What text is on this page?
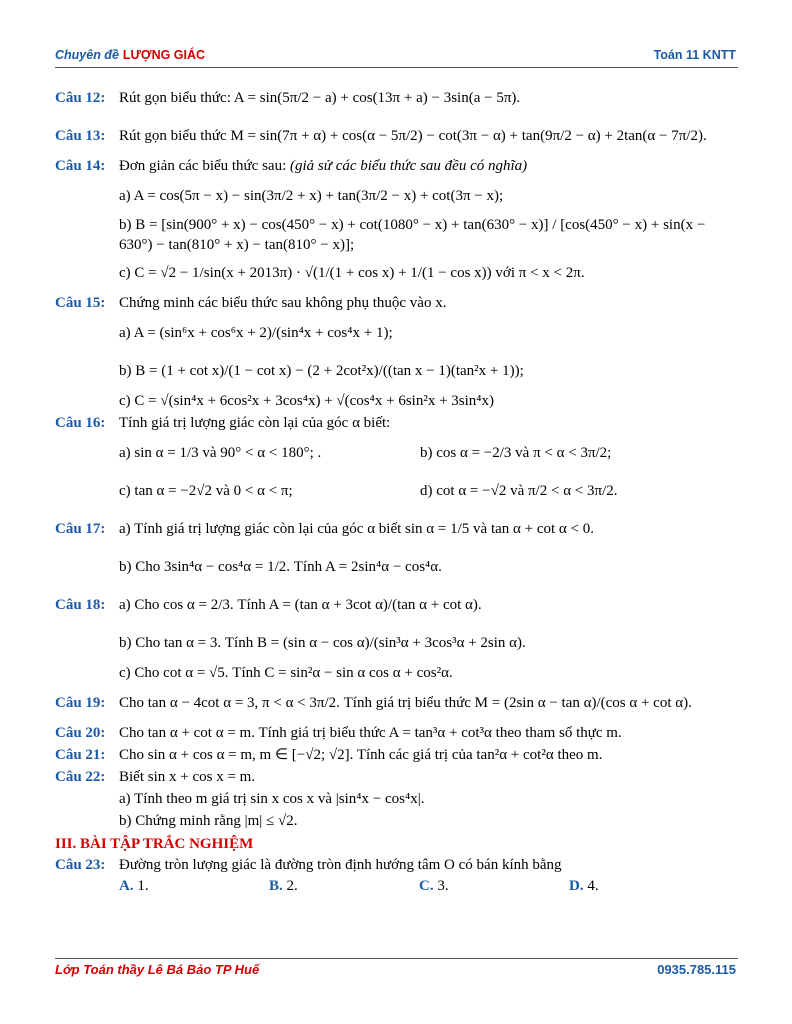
Chuyên đề LƯỢNG GIÁC	Toán 11 KNTT
Câu 12: Rút gọn biểu thức: A = sin(5π/2 − a) + cos(13π + a) − 3sin(a − 5π).
Câu 13: Rút gọn biểu thức M = sin(7π + α) + cos(α − 5π/2) − cot(3π − α) + tan(9π/2 − α) + 2tan(α − 7π/2).
Câu 14: Đơn giản các biểu thức sau:
(giả sử các biểu thức sau đều có nghĩa)
a) A = cos(5π − x) − sin(3π/2 + x) + tan(3π/2 − x) + cot(3π − x);
b) B = [sin(900° + x) − cos(450° − x) + cot(1080° − x) + tan(630° − x)] / [cos(450° − x) + sin(x − 630°) − tan(810° + x) − tan(810° − x)];
c) C = √2 − 1/sin(x + 2013π) · √(1/(1 + cos x) + 1/(1 − cos x)) với π < x < 2π.
Câu 15: Chứng minh các biểu thức sau không phụ thuộc vào x.
a) A = (sin⁶x + cos⁶x + 2)/(sin⁴x + cos⁴x + 1);
b) B = (1 + cot x)/(1 − cot x) − (2 + 2cot²x)/((tan x − 1)(tan²x + 1));
c) C = √(sin⁴x + 6cos²x + 3cos⁴x) + √(cos⁴x + 6sin²x + 3sin⁴x)
Câu 16: Tính giá trị lượng giác còn lại của góc α biết:
a) sin α = 1/3 và 90° < α < 180°; .	b) cos α = −2/3 và π < α < 3π/2;
c) tan α = −2√2 và 0 < α < π;	d) cot α = −√2 và π/2 < α < 3π/2.
Câu 17: a) Tính giá trị lượng giác còn lại của góc α biết sin α = 1/5 và tan α + cot α < 0.
b) Cho 3sin⁴α − cos⁴α = 1/2. Tính A = 2sin⁴α − cos⁴α.
Câu 18: a) Cho cos α = 2/3. Tính A = (tan α + 3cot α)/(tan α + cot α).
b) Cho tan α = 3. Tính B = (sin α − cos α)/(sin³α + 3cos³α + 2sin α).
c) Cho cot α = √5. Tính C = sin²α − sin α cos α + cos²α.
Câu 19: Cho tan α − 4cot α = 3, π < α < 3π/2. Tính giá trị biểu thức M = (2sin α − tan α)/(cos α + cot α).
Câu 20: Cho tan α + cot α = m. Tính giá trị biểu thức A = tan³α + cot³α theo tham số thực m.
Câu 21: Cho sin α + cos α = m, m ∈ [−√2; √2]. Tính các giá trị của tan²α + cot²α theo m.
Câu 22: Biết sin x + cos x = m.
a) Tính theo m giá trị sin x cos x và |sin⁴x − cos⁴x|.
b) Chứng minh rằng |m| ≤ √2.
III. BÀI TẬP TRẮC NGHIỆM
Câu 23: Đường tròn lượng giác là đường tròn định hướng tâm O có bán kính bằng
A. 1.	B. 2.	C. 3.	D. 4.
Lớp Toán thầy Lê Bá Bảo TP Huế	0935.785.115
